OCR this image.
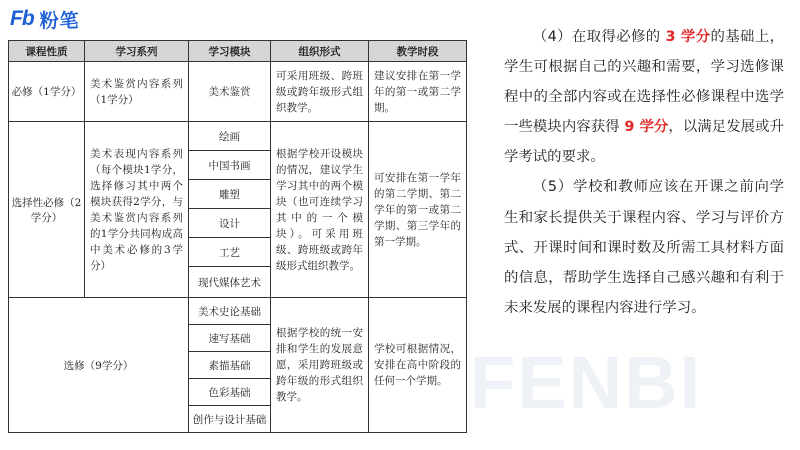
Fb 粉笔
FENBI
课程性质	学习系列	学习模块	组织形式	教学时段
必修（1学分）	美术鉴赏内容系列（1学分）	美术鉴赏	可采用班级、跨班级或跨年级形式组织教学。	建议安排在第一学年的第一或第二学期。

选择性必修（2学分）	美术表现内容系列（每个模块1学分，选择修习其中两个模块获得2学分，与美术鉴赏内容系列的1学分共同构成高中美术必修的3学分）	绘画	根据学校开设模块的情况，建议学生学习其中的两个模块（也可连续学习其中的一个模块）。可采用班级、跨班级或跨年级形式组织教学。	可安排在第一学年的第二学期、第二学年的第一或第二学期、第三学年的第一学期。

		中国书画		
		雕塑		
		设计		
		工艺		
		现代媒体艺术		
选修（9学分）		美术史论基础	根据学校的统一安排和学生的发展意愿，采用跨班级或跨年级的形式组织教学。	学校可根据情况，安排在高中阶段的任何一个学期。

		速写基础		
		素描基础		
		色彩基础		
		创作与设计基础		

（4）在取得必修的 3 学分的基础上，学生可根据自己的兴趣和需要，学习选修课程中的全部内容或在选择性必修课程中选学一些模块内容获得 9 学分，以满足发展或升学考试的要求。

（5）学校和教师应该在开课之前向学生和家长提供关于课程内容、学习与评价方式、开课时间和课时数及所需工具材料方面的信息，帮助学生选择自己感兴趣和有利于未来发展的课程内容进行学习。
